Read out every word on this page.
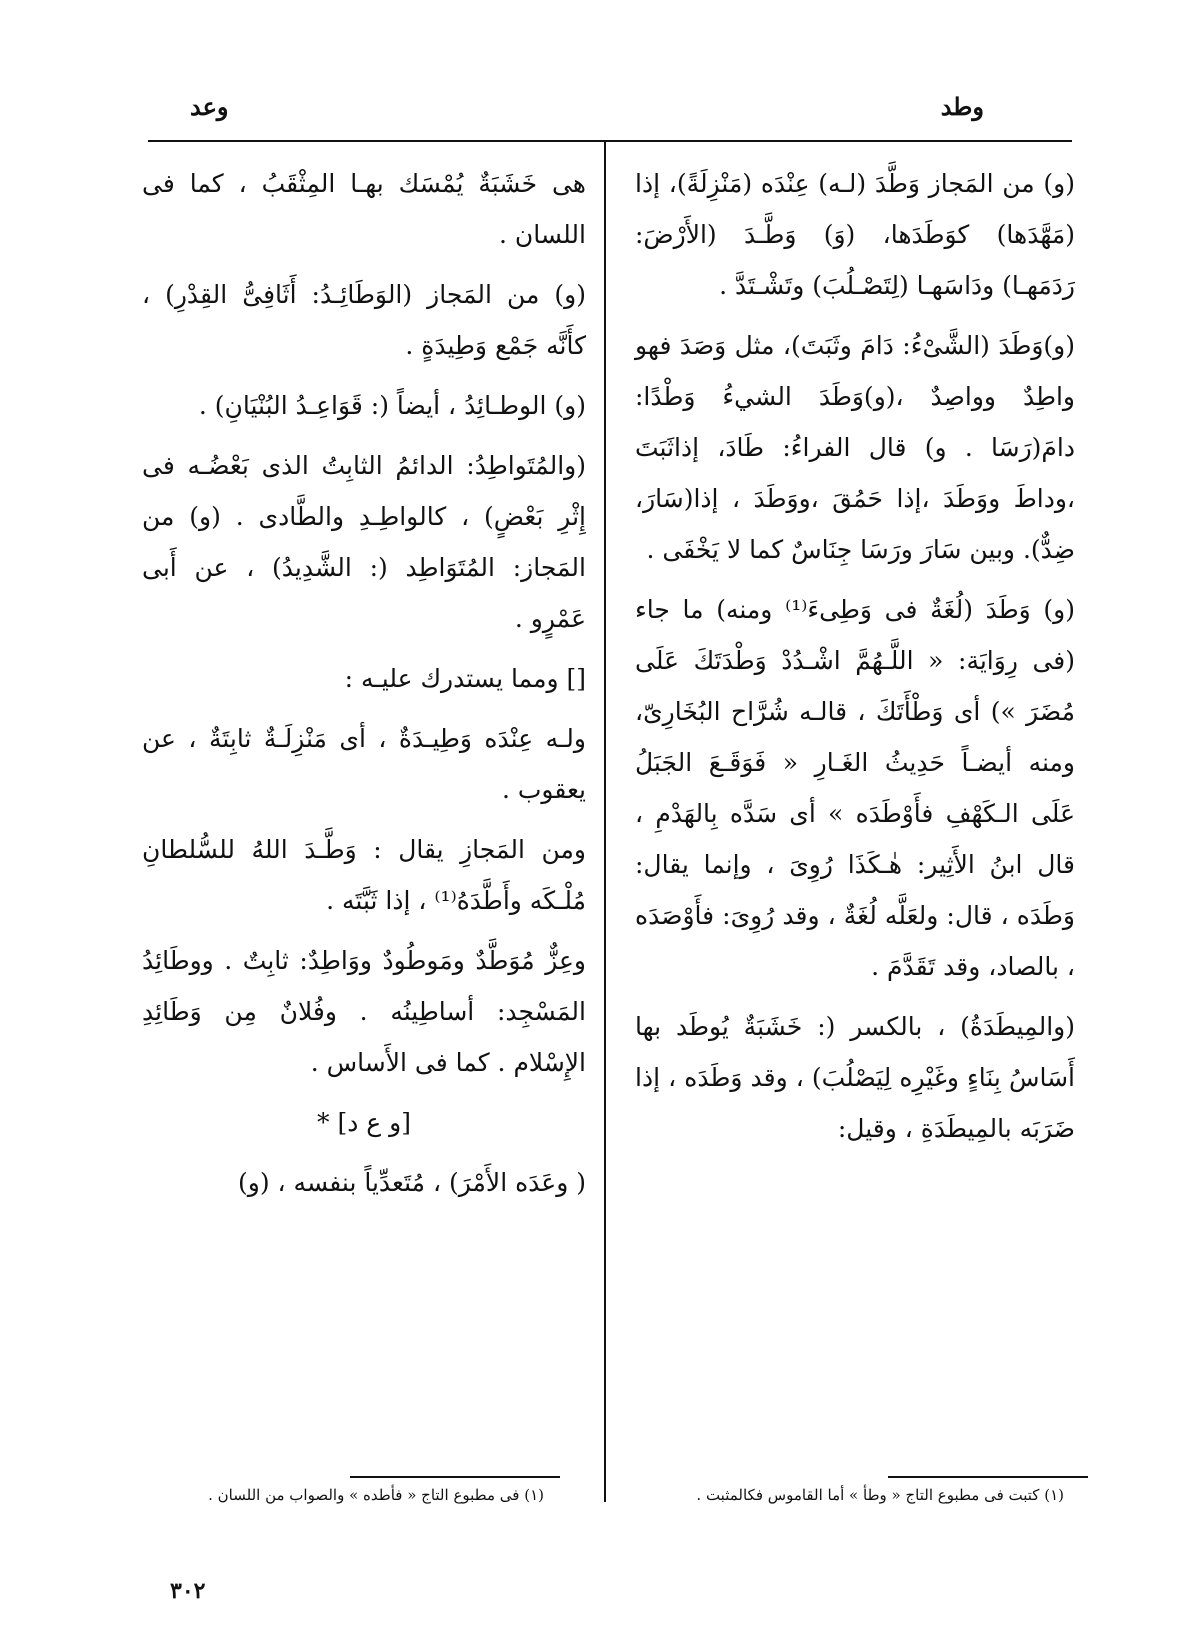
وطد
وعد

(و) من المَجاز وَطَّدَ (لـه) عِنْدَه (مَنْزِلَةً)، إذا (مَهَّدَها) كوَطَدَها، (وَ) وَطَّـدَ (الأَرْضَ: رَدَمَهـا) ودَاسَهـا (لِتَصْـلُبَ) وتَشْـتَدَّ .

(و)وَطَدَ (الشَّىْءُ: دَامَ وثَبَتَ)، مثل وَصَدَ فهو واطِدٌ وواصِدٌ ،(و)وَطَدَ الشيءُ وَطْدًا: دامَ(رَسَا . و) قال الفراءُ: طَادَ، إذاثَبَتَ ،وداطَ ووَطَدَ ،إذا حَمُقَ ،ووَطَدَ ، إذا(سَارَ، ضِدٌّ). وبين سَارَ ورَسَا جِنَاسٌ كما لا يَخْفَى .

(و) وَطَدَ (لُغَةٌ فى وَطِىءَ⁽¹⁾ ومنه) ما جاء (فى رِوَايَة: « اللَّـهُمَّ اشْـدُدْ وَطْدَتَكَ عَلَى مُضَرَ ») أى وَطْأَتَكَ ، قالـه شُرَّاح البُخَارِىّ، ومنه أيضـاً حَدِيثُ الغَـارِ « فَوَقَـعَ الجَبَلُ عَلَى الـكَهْفِ فأَوْطَدَه » أى سَدَّه بِالهَدْمِ ، قال ابنُ الأَثِير: هٰـكَذَا رُوِىَ ، وإنما يقال: وَطَدَه ، قال: ولعَلَّه لُغَةٌ ، وقد رُوِىَ: فأَوْصَدَه ، بالصاد، وقد تَقَدَّمَ .

(والمِيطَدَةُ) ، بالكسر (: خَشَبَةٌ يُوطَد بها أَسَاسُ بِنَاءٍ وغَيْرِه لِيَصْلُبَ) ، وقد وَطَدَه ، إذا ضَرَبَه بالمِيطَدَةِ ، وقيل:

هى خَشَبَةٌ يُمْسَك بهـا المِثْقَبُ ، كما فى اللسان .

(و) من المَجاز (الوَطَائِـدُ: أَثَافِىُّ القِدْرِ) ، كأَنَّه جَمْع وَطِيدَةٍ .

(و) الوطـائِدُ ، أيضاً (: قَوَاعِـدُ البُنْيَانِ) .

(والمُتَواطِدُ: الدائمُ الثابِتُ الذى بَعْضُـه فى إِثْرِ بَعْضٍ) ، كالواطِـدِ والطَّادى . (و) من المَجاز: المُتَوَاطِد (: الشَّدِيدُ) ، عن أَبى عَمْرٍو .

[] ومما يستدرك عليـه :

ولـه عِنْدَه وَطِيـدَةٌ ، أى مَنْزِلَـةٌ ثابِتَةٌ ، عن يعقوب .

ومن المَجازِ يقال : وَطَّـدَ اللهُ للسُّلطانِ مُلْـكَه وأَطَّدَهُ⁽¹⁾ ، إذا ثَبَّتَه .

وعِزٌّ مُوَطَّدٌ ومَوطُودٌ ووَاطِدٌ: ثابِتٌ . ووطَائِدُ المَسْجِد: أساطِينُه . وفُلانٌ مِن وَطَائِدِ الإِسْلام . كما فى الأَساس .

[و ع د] *

( وعَدَه الأَمْرَ) ، مُتَعدِّياً بنفسه ، (و)

(١) كتبت فى مطبوع التاج « وطأ » أما القاموس فكالمثبت .
(١) فى مطبوع التاج « فأطده » والصواب من اللسان .
٣٠٢
